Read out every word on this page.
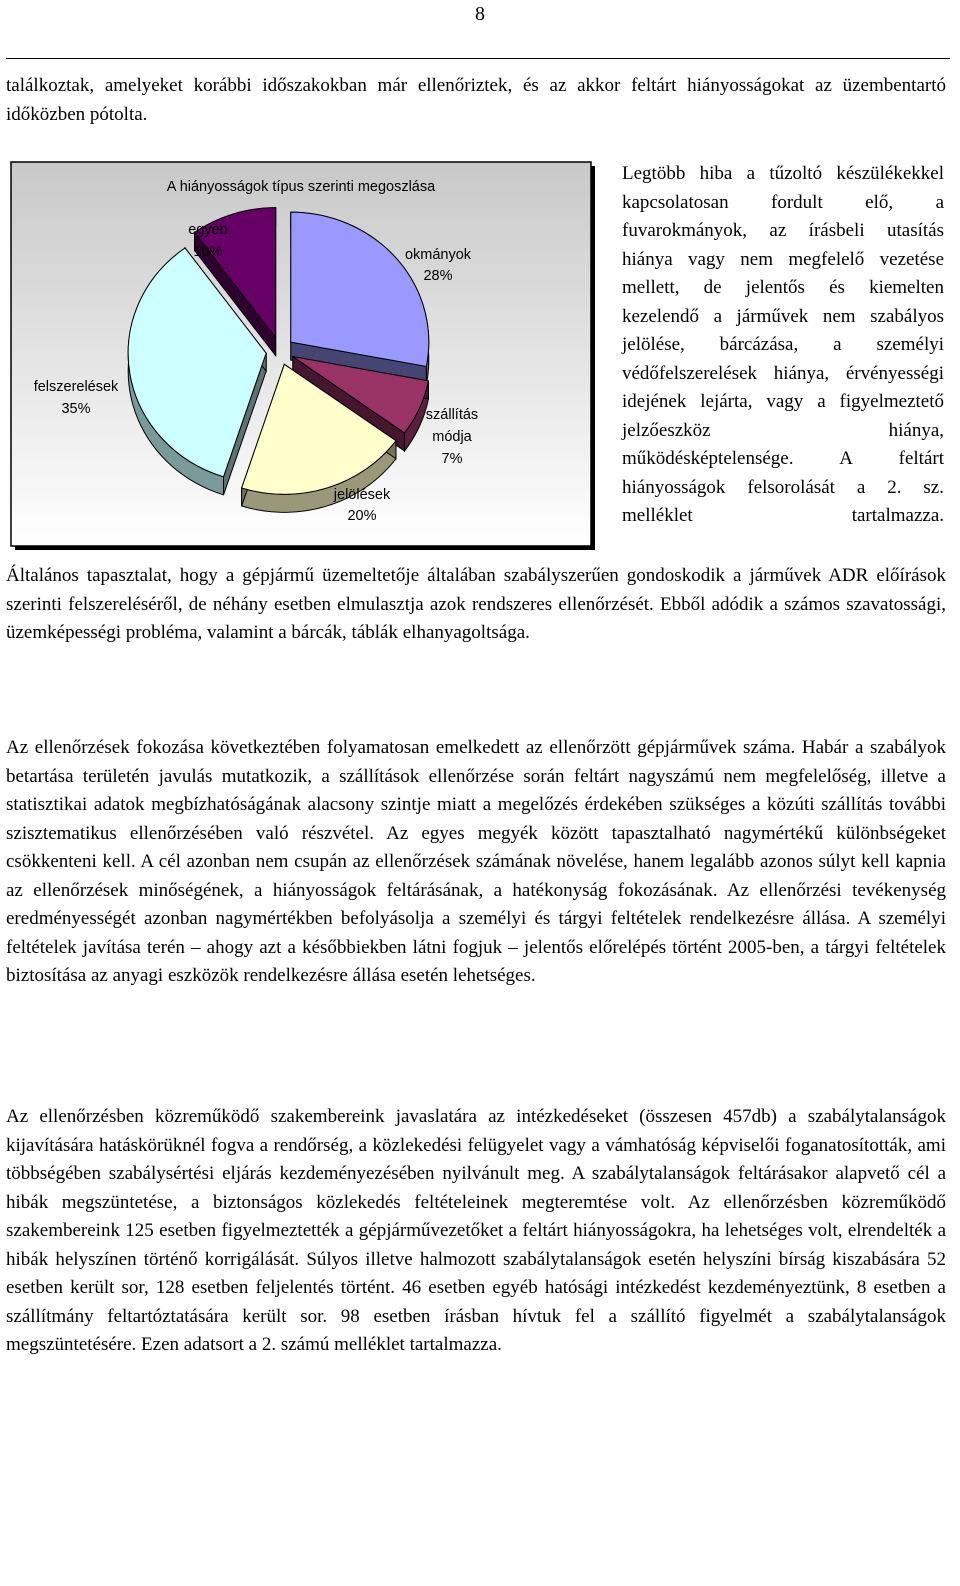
8

találkoztak, amelyeket korábbi időszakokban már ellenőriztek, és az akkor feltárt hiányosságokat az üzembentartó időközben pótolta.

A hiányosságok típus szerinti megoszlása
okmányok
28%
szállítás
módja
7%
jelölések
20%
felszerelések
35%
egyéb
10%

Legtöbb hiba a tűzoltó készülékekkel kapcsolatosan fordult elő, a fuvarokmányok, az írásbeli utasítás hiánya vagy nem megfelelő vezetése mellett, de jelentős és kiemelten kezelendő a járművek nem szabályos jelölése, bárcázása, a személyi védőfelszerelések hiánya, érvényességi idejének lejárta, vagy a figyelmeztető jelzőeszköz hiánya, működésképtelensége. A feltárt hiányosságok felsorolását a 2. sz. melléklet tartalmazza.

Általános tapasztalat, hogy a gépjármű üzemeltetője általában szabályszerűen gondoskodik a járművek ADR előírások szerinti felszereléséről, de néhány esetben elmulasztja azok rendszeres ellenőrzését. Ebből adódik a számos szavatossági, üzemképességi probléma, valamint a bárcák, táblák elhanyagoltsága.

Az ellenőrzések fokozása következtében folyamatosan emelkedett az ellenőrzött gépjárművek száma. Habár a szabályok betartása területén javulás mutatkozik, a szállítások ellenőrzése során feltárt nagyszámú nem megfelelőség, illetve a statisztikai adatok megbízhatóságának alacsony szintje miatt a megelőzés érdekében szükséges a közúti szállítás további szisztematikus ellenőrzésében való részvétel. Az egyes megyék között tapasztalható nagymértékű különbségeket csökkenteni kell. A cél azonban nem csupán az ellenőrzések számának növelése, hanem legalább azonos súlyt kell kapnia az ellenőrzések minőségének, a hiányosságok feltárásának, a hatékonyság fokozásának. Az ellenőrzési tevékenység eredményességét azonban nagymértékben befolyásolja a személyi és tárgyi feltételek rendelkezésre állása. A személyi feltételek javítása terén – ahogy azt a későbbiekben látni fogjuk – jelentős előrelépés történt 2005-ben, a tárgyi feltételek biztosítása az anyagi eszközök rendelkezésre állása esetén lehetséges.

Az ellenőrzésben közreműködő szakembereink javaslatára az intézkedéseket (összesen 457db) a szabálytalanságok kijavítására hatáskörüknél fogva a rendőrség, a közlekedési felügyelet vagy a vámhatóság képviselői foganatosították, ami többségében szabálysértési eljárás kezdeményezésében nyilvánult meg. A szabálytalanságok feltárásakor alapvető cél a hibák megszüntetése, a biztonságos közlekedés feltételeinek megteremtése volt. Az ellenőrzésben közreműködő szakembereink 125 esetben figyelmeztették a gépjárművezetőket a feltárt hiányosságokra, ha lehetséges volt, elrendelték a hibák helyszínen történő korrigálását. Súlyos illetve halmozott szabálytalanságok esetén helyszíni bírság kiszabására 52 esetben került sor, 128 esetben feljelentés történt. 46 esetben egyéb hatósági intézkedést kezdeményeztünk, 8 esetben a szállítmány feltartóztatására került sor. 98 esetben írásban hívtuk fel a szállító figyelmét a szabálytalanságok megszüntetésére. Ezen adatsort a 2. számú melléklet tartalmazza.
